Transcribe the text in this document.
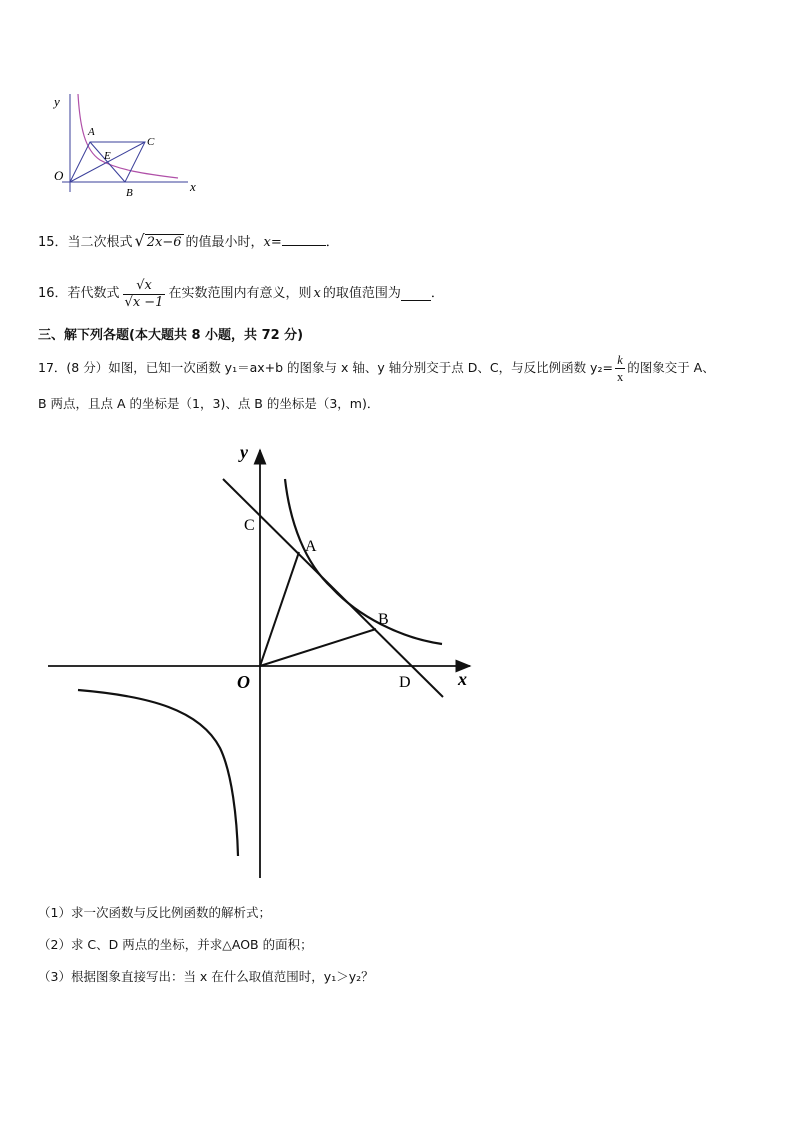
y
x
O
A
C
E
B
15．当二次根式 √ 2x−6 的值最小时，x=	．
16．若代数式 $\frac{√x}{√x -1}$ 在实数范围内有意义，则 x 的取值范围为 ．
三、解下列各题(本大题共 8 小题，共 72 分)
17．(8 分）如图，已知一次函数 y₁＝ax+b 的图象与 x 轴、y 轴分别交于点 D、C，与反比例函数 $y_2= \frac{k}{x}$ 的图象交于 A、
B 两点，且点 A 的坐标是（1，3)、点 B 的坐标是（3，m)．
y
x
O
C
A
B
D
（1）求一次函数与反比例函数的解析式；
（2）求 C、D 两点的坐标，并求△AOB 的面积；
（3）根据图象直接写出：当 x 在什么取值范围时，y₁＞y₂？
